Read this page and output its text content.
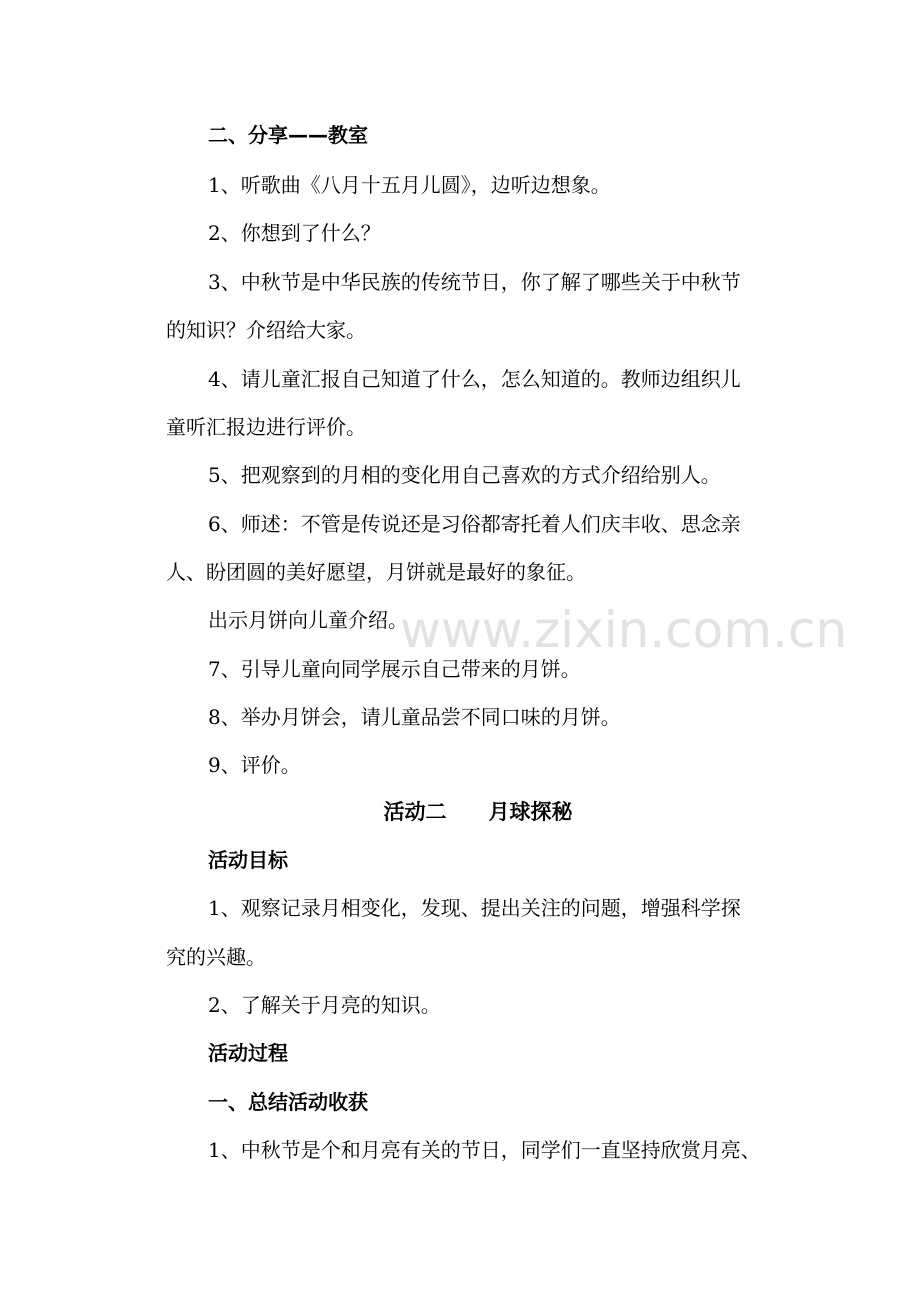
二、分享——教室
1、听歌曲《八月十五月儿圆》，边听边想象。
2、你想到了什么？
3、中秋节是中华民族的传统节日，你了解了哪些关于中秋节
的知识？介绍给大家。
4、请儿童汇报自己知道了什么，怎么知道的。教师边组织儿
童听汇报边进行评价。
5、把观察到的月相的变化用自己喜欢的方式介绍给别人。
6、师述：不管是传说还是习俗都寄托着人们庆丰收、思念亲
人、盼团圆的美好愿望，月饼就是最好的象征。
出示月饼向儿童介绍。
7、引导儿童向同学展示自己带来的月饼。
8、举办月饼会，请儿童品尝不同口味的月饼。
9、评价。
活动二　　月球探秘
活动目标
1、观察记录月相变化，发现、提出关注的问题，增强科学探
究的兴趣。
2、了解关于月亮的知识。
活动过程
一、总结活动收获
1、中秋节是个和月亮有关的节日，同学们一直坚持欣赏月亮、
www.zixin.com.cn
